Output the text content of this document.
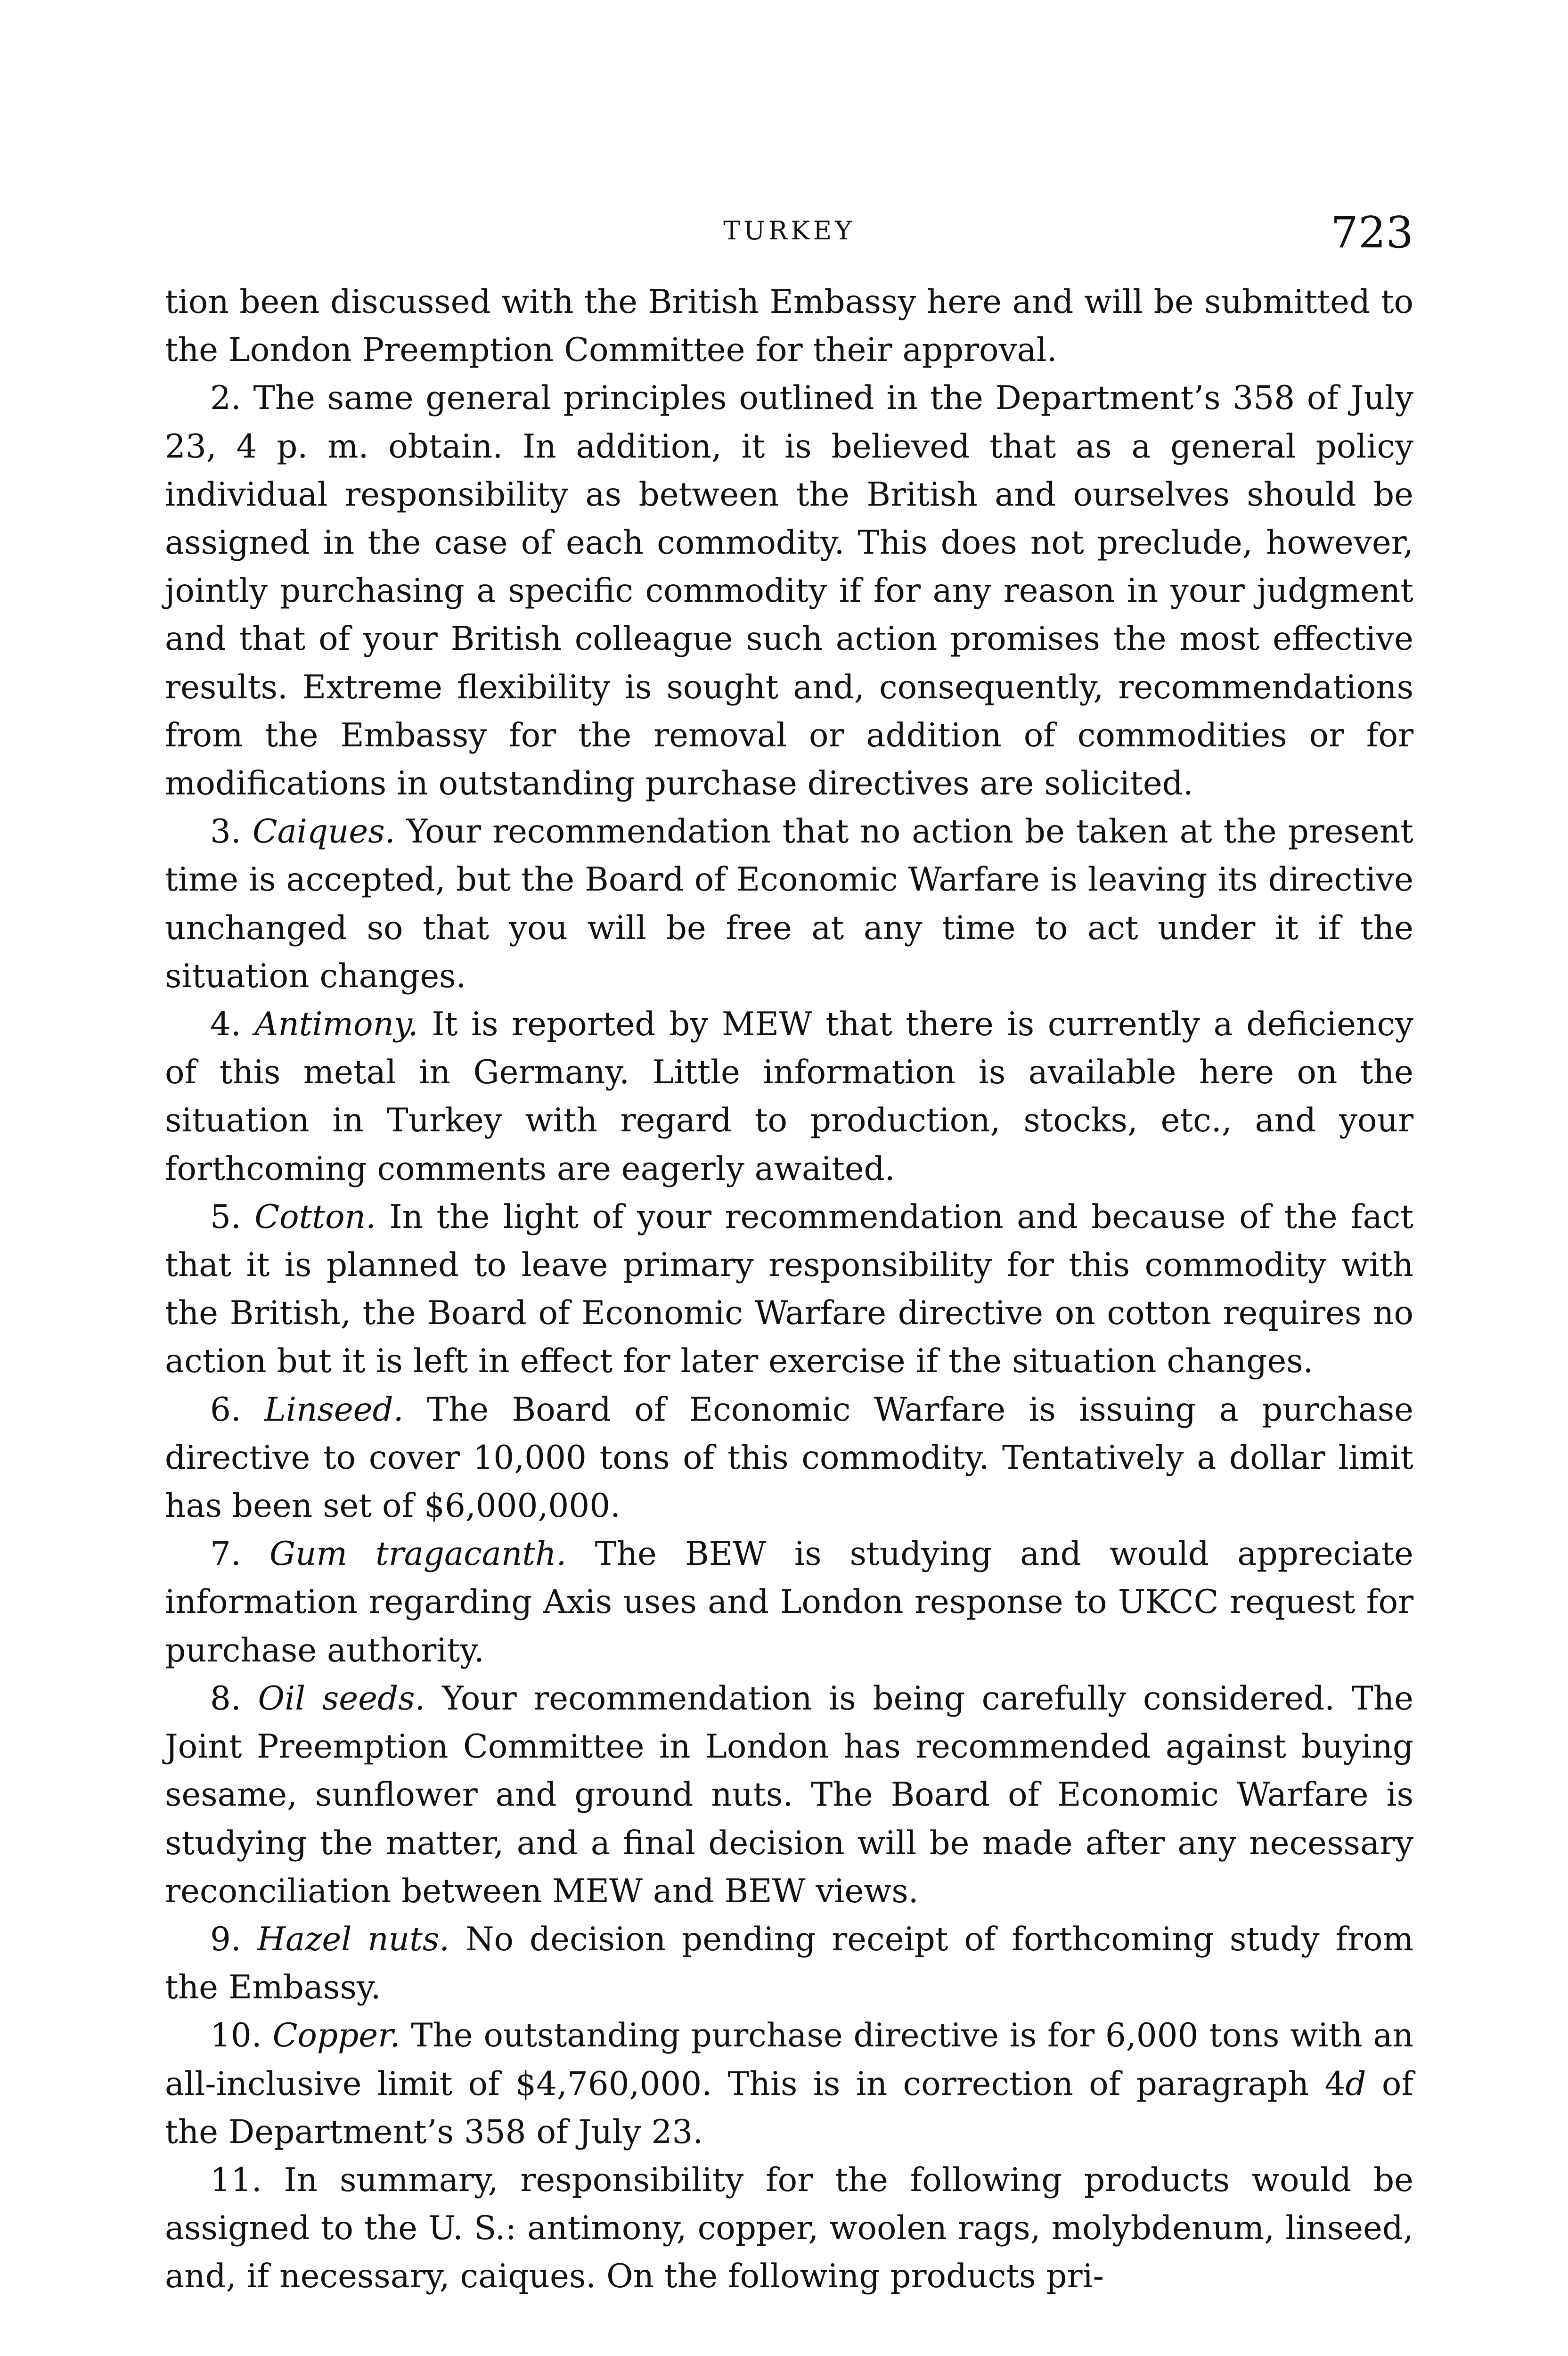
TURKEY	723

tion been discussed with the British Embassy here and will be submitted to the London Preemption Committee for their approval.

2. The same general principles outlined in the Department’s 358 of July 23, 4 p. m. obtain. In addition, it is believed that as a general policy individual responsibility as between the British and ourselves should be assigned in the case of each commodity. This does not preclude, however, jointly purchasing a specific commodity if for any reason in your judgment and that of your British colleague such action promises the most effective results. Extreme flexibility is sought and, consequently, recommendations from the Embassy for the removal or addition of commodities or for modifications in outstanding purchase directives are solicited.

3. Caiques. Your recommendation that no action be taken at the present time is accepted, but the Board of Economic Warfare is leaving its directive unchanged so that you will be free at any time to act under it if the situation changes.

4. Antimony. It is reported by MEW that there is currently a deficiency of this metal in Germany. Little information is available here on the situation in Turkey with regard to production, stocks, etc., and your forthcoming comments are eagerly awaited.

5. Cotton. In the light of your recommendation and because of the fact that it is planned to leave primary responsibility for this commodity with the British, the Board of Economic Warfare directive on cotton requires no action but it is left in effect for later exercise if the situation changes.

6. Linseed. The Board of Economic Warfare is issuing a purchase directive to cover 10,000 tons of this commodity. Tentatively a dollar limit has been set of $6,000,000.

7. Gum tragacanth. The BEW is studying and would appreciate information regarding Axis uses and London response to UKCC request for purchase authority.

8. Oil seeds. Your recommendation is being carefully considered. The Joint Preemption Committee in London has recommended against buying sesame, sunflower and ground nuts. The Board of Economic Warfare is studying the matter, and a final decision will be made after any necessary reconciliation between MEW and BEW views.

9. Hazel nuts. No decision pending receipt of forthcoming study from the Embassy.

10. Copper. The outstanding purchase directive is for 6,000 tons with an all-inclusive limit of $4,760,000. This is in correction of paragraph 4d of the Department’s 358 of July 23.

11. In summary, responsibility for the following products would be assigned to the U. S.: antimony, copper, woolen rags, molybdenum, linseed, and, if necessary, caiques. On the following products pri-
